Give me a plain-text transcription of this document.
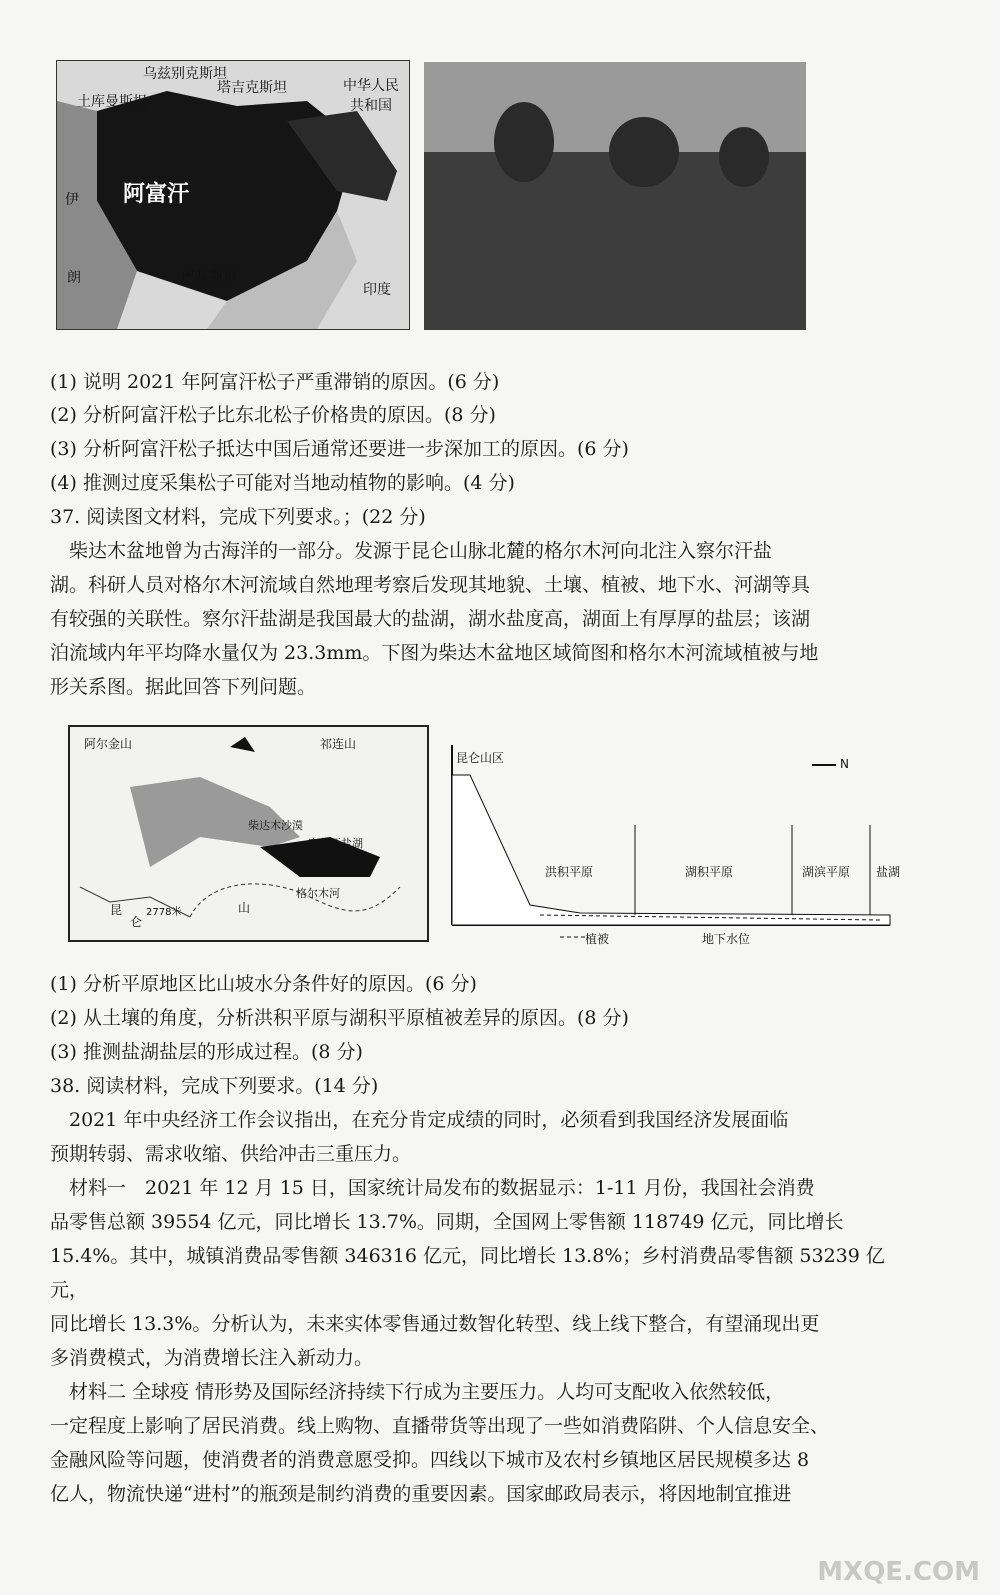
乌兹别克斯坦
塔吉克斯坦
土库曼斯坦
中华人民共和国
阿富汗
伊
朗	巴基斯坦
印度
(1) 说明 2021 年阿富汗松子严重滞销的原因。(6 分)
(2) 分析阿富汗松子比东北松子价格贵的原因。(8 分)
(3) 分析阿富汗松子抵达中国后通常还要进一步深加工的原因。(6 分)
(4) 推测过度采集松子可能对当地动植物的影响。(4 分)
37. 阅读图文材料，完成下列要求。；(22 分)
　柴达木盆地曾为古海洋的一部分。发源于昆仑山脉北麓的格尔木河向北注入察尔汗盐
湖。科研人员对格尔木河流域自然地理考察后发现其地貌、土壤、植被、地下水、河湖等具
有较强的关联性。察尔汗盐湖是我国最大的盐湖，湖水盐度高，湖面上有厚厚的盐层；该湖
泊流域内年平均降水量仅为 23.3mm。下图为柴达木盆地区域简图和格尔木河流域植被与地
形关系图。据此回答下列问题。
阿尔金山	祁连山
柴达木沙漠
察尔汗盐湖
格尔木河
山
昆
仑
2778米
昆仑山区	N
洪积平原	湖积平原	湖滨平原 盐湖
植被	地下水位
(1) 分析平原地区比山坡水分条件好的原因。(6 分)
(2) 从土壤的角度，分析洪积平原与湖积平原植被差异的原因。(8 分)
(3) 推测盐湖盐层的形成过程。(8 分)
38. 阅读材料，完成下列要求。(14 分)
　2021 年中央经济工作会议指出，在充分肯定成绩的同时，必须看到我国经济发展面临
预期转弱、需求收缩、供给冲击三重压力。
　材料一　2021 年 12 月 15 日，国家统计局发布的数据显示：1-11 月份，我国社会消费
品零售总额 39554 亿元，同比增长 13.7%。同期，全国网上零售额 118749 亿元，同比增长
15.4%。其中，城镇消费品零售额 346316 亿元，同比增长 13.8%；乡村消费品零售额 53239 亿
元，
同比增长 13.3%。分析认为，未来实体零售通过数智化转型、线上线下整合，有望涌现出更
多消费模式，为消费增长注入新动力。
　材料二 全球疫 情形势及国际经济持续下行成为主要压力。人均可支配收入依然较低，
一定程度上影响了居民消费。线上购物、直播带货等出现了一些如消费陷阱、个人信息安全、
金融风险等问题，使消费者的消费意愿受抑。四线以下城市及农村乡镇地区居民规模多达 8
亿人，物流快递“进村”的瓶颈是制约消费的重要因素。国家邮政局表示，将因地制宜推进
MXQE.COM
